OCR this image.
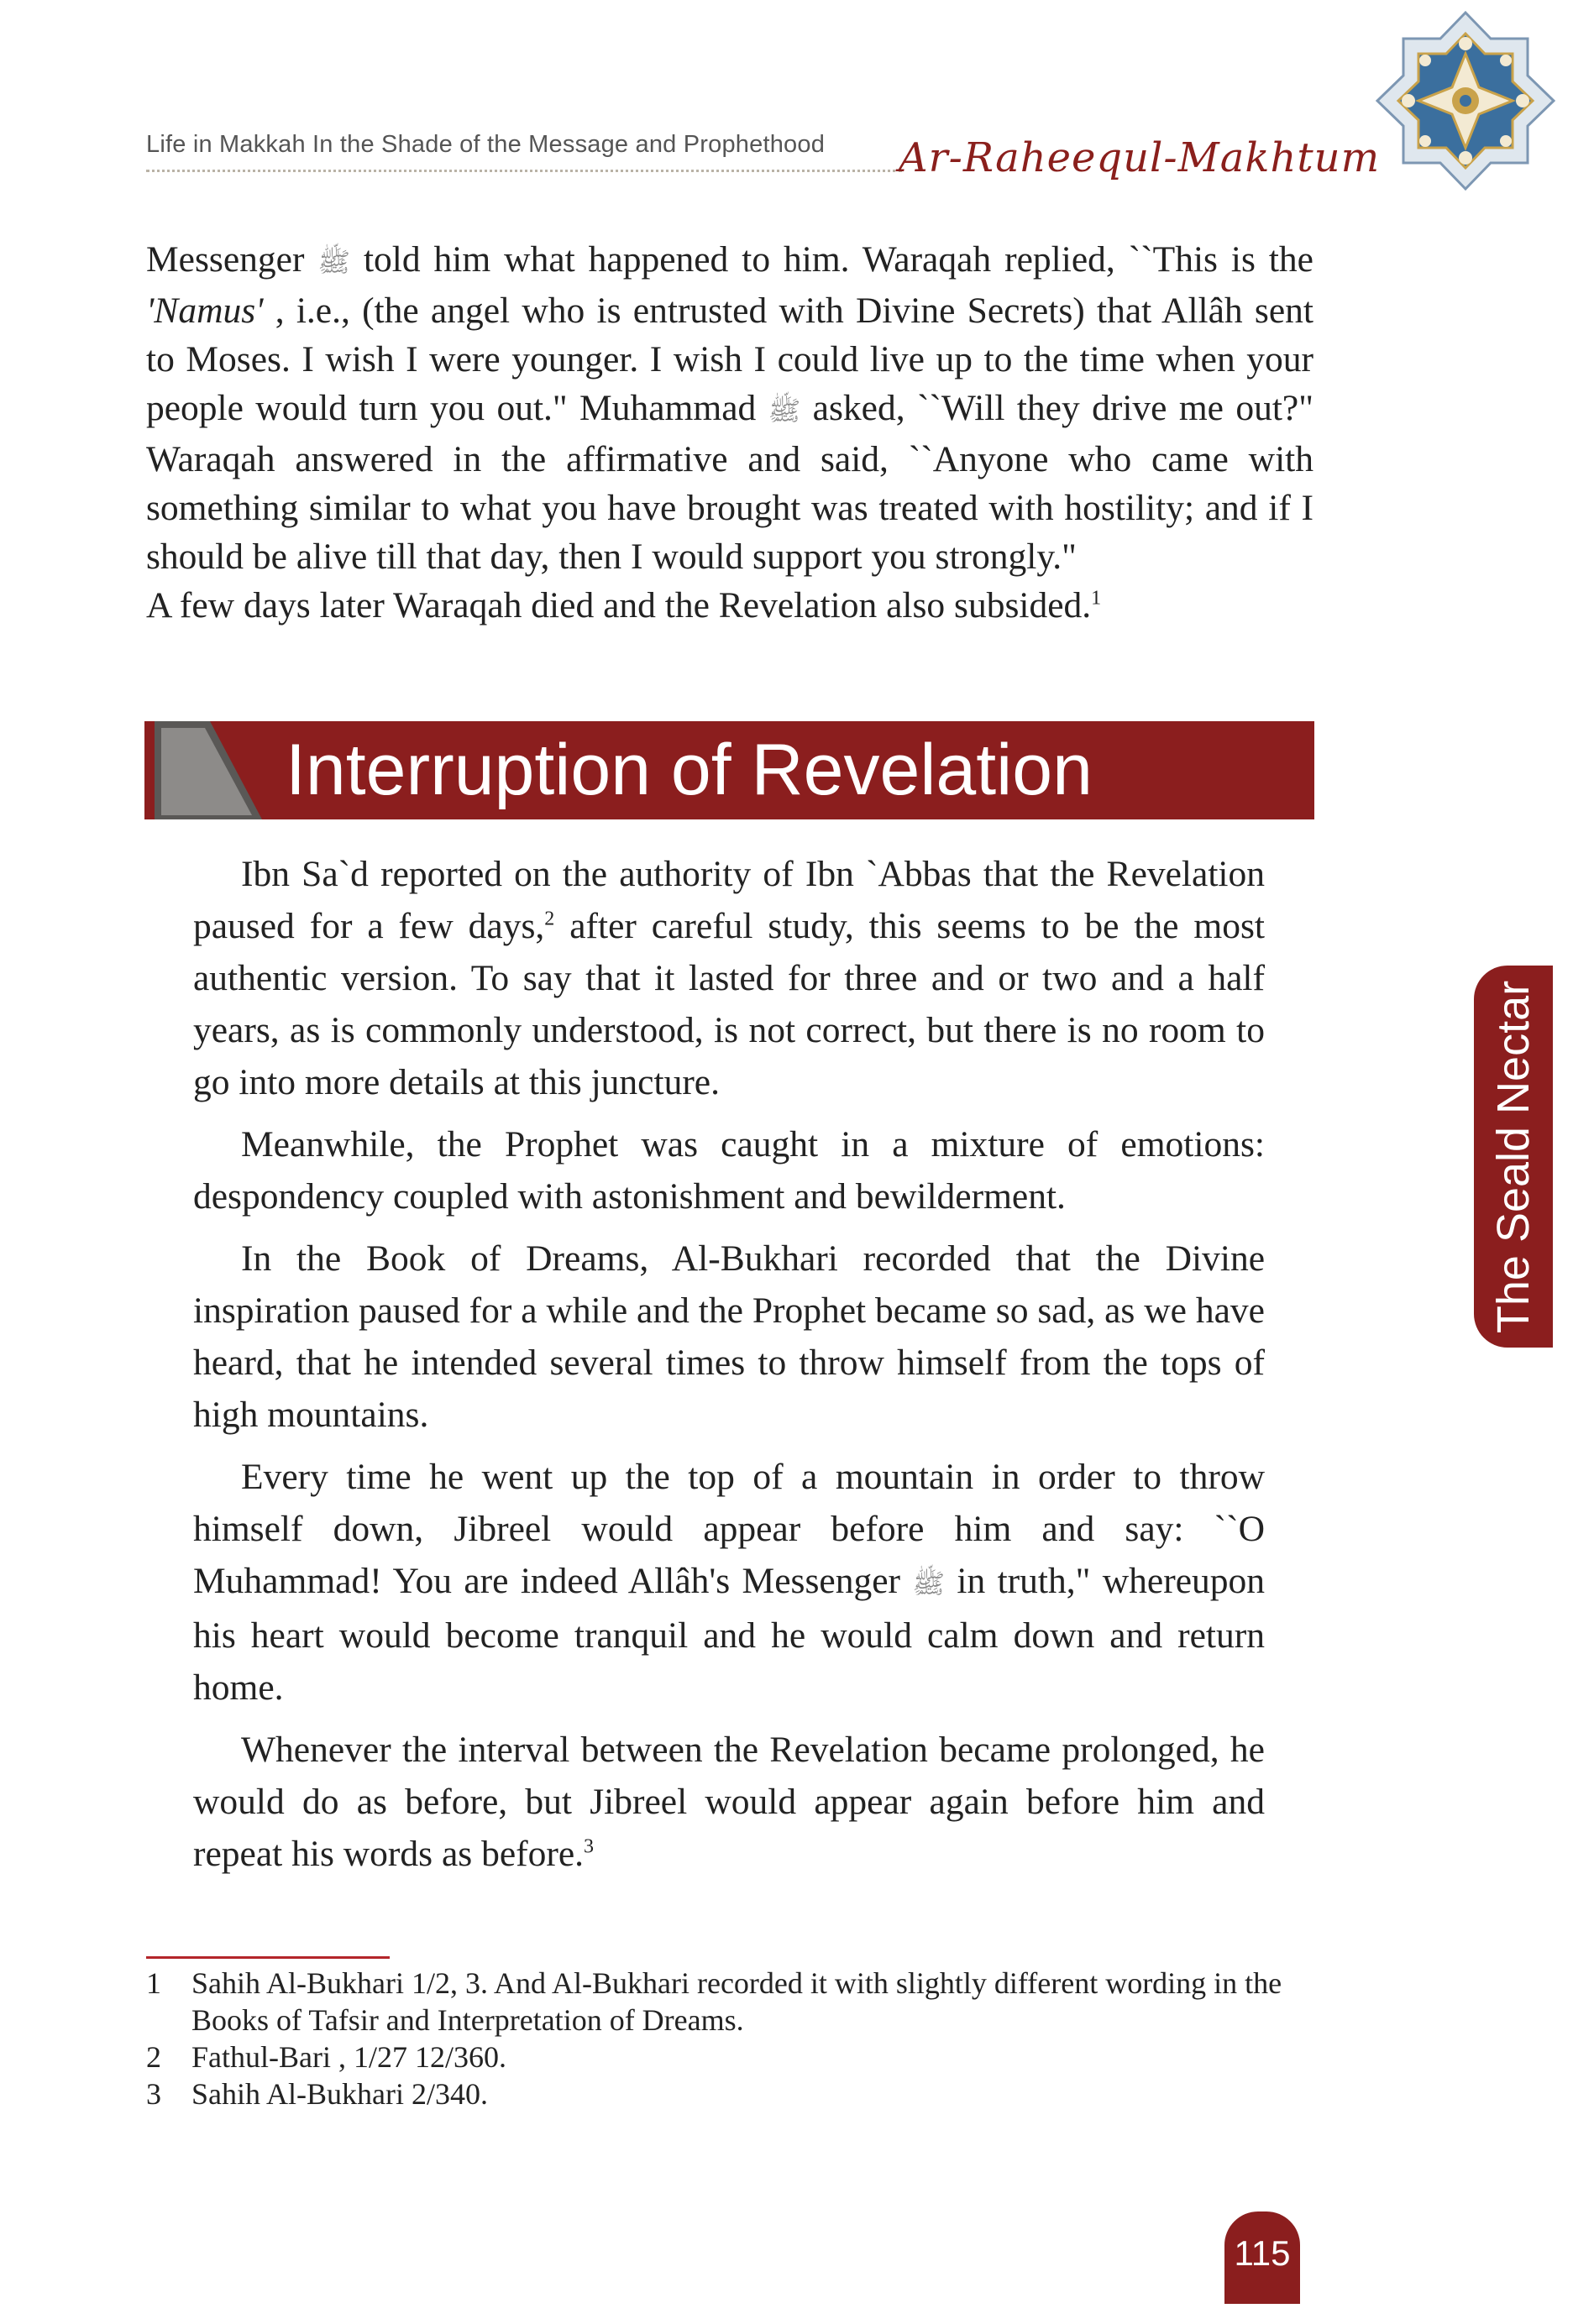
Life in Makkah In the Shade of the Message and Prophethood Ar-Raheequl-Makhtum
The Seald Nectar

Messenger ﷺ told him what happened to him. Waraqah replied, ``This is the 'Namus' , i.e., (the angel who is entrusted with Divine Secrets) that Allâh sent to Moses. I wish I were younger. I wish I could live up to the time when your people would turn you out." Muhammad ﷺ asked, ``Will they drive me out?" Waraqah answered in the affirmative and said, ``Anyone who came with something similar to what you have brought was treated with hostility; and if I should be alive till that day, then I would support you strongly."

A few days later Waraqah died and the Revelation also subsided.$^1$

Interruption of Revelation

Ibn Sa`d reported on the authority of Ibn `Abbas that the Revelation paused for a few days,$^2$ after careful study, this seems to be the most authentic version. To say that it lasted for three and or two and a half years, as is commonly understood, is not correct, but there is no room to go into more details at this juncture.

Meanwhile, the Prophet was caught in a mixture of emotions: despondency coupled with astonishment and bewilderment.

In the Book of Dreams, Al-Bukhari recorded that the Divine inspiration paused for a while and the Prophet became so sad, as we have heard, that he intended several times to throw himself from the tops of high mountains.

Every time he went up the top of a mountain in order to throw himself down, Jibreel would appear before him and say: ``O Muhammad! You are indeed Allâh's Messenger ﷺ in truth," whereupon his heart would become tranquil and he would calm down and return home.

Whenever the interval between the Revelation became prolonged, he would do as before, but Jibreel would appear again before him and repeat his words as before.$^3$

1	Sahih Al-Bukhari 1/2, 3. And Al-Bukhari recorded it with slightly different wording in the Books of Tafsir and Interpretation of Dreams.
2	Fathul-Bari , 1/27 12/360.
3	Sahih Al-Bukhari 2/340.
115
